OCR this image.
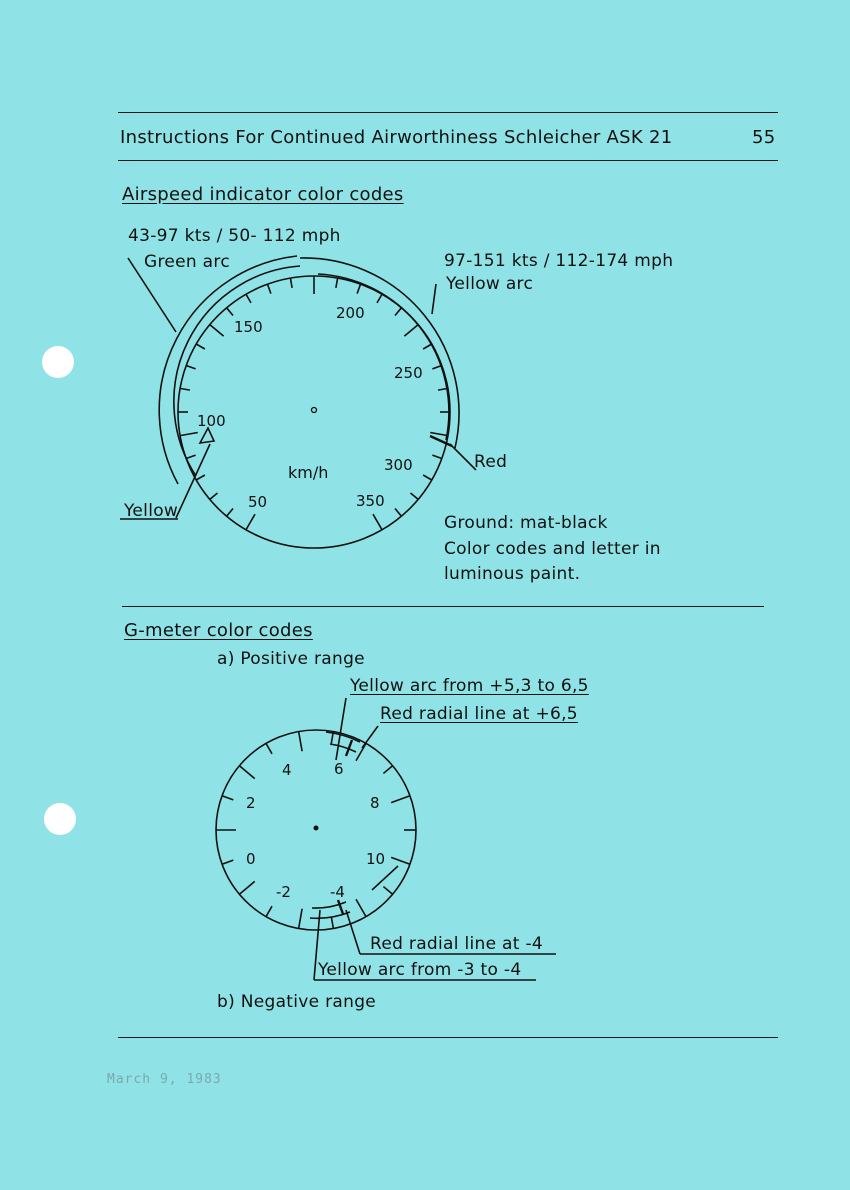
Instructions For Continued Airworthiness Schleicher ASK 21	55
Airspeed indicator color codes
43-97 kts / 50- 112 mph
Green arc	97-151 kts / 112-174 mph
Yellow arc
Red
Yellow
Ground: mat-black
Color codes and letter in
luminous paint.
km/h
50
100
150
200
250
300
350
G-meter color codes
a) Positive range
Yellow arc from +5,3 to 6,5
Red radial line at +6,5
Red radial line at -4
Yellow arc from -3 to -4
b) Negative range
4	6
2	8
0	10
-2	-4
March 9, 1983
